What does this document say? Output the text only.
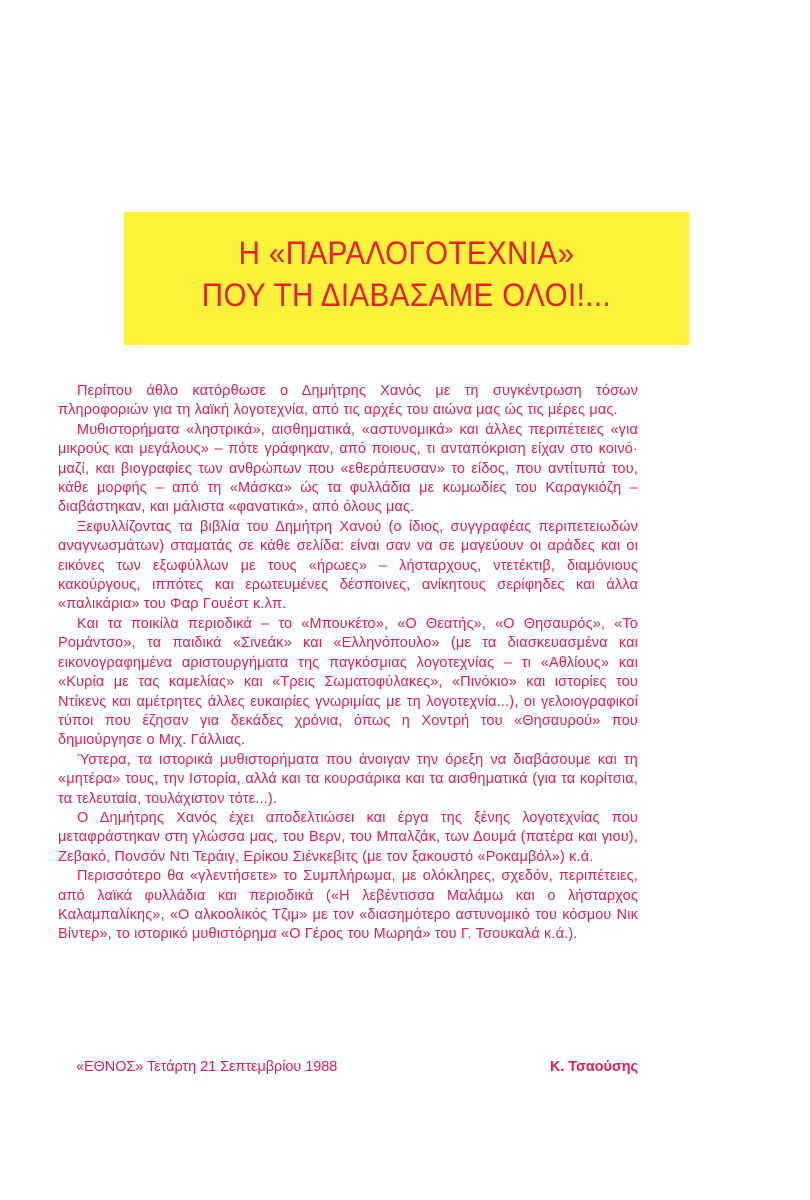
Η «ΠΑΡΑΛΟΓΟΤΕΧΝΙΑ»
ΠΟΥ ΤΗ ΔΙΑΒΑΣΑΜΕ ΟΛΟΙ!...

Περίπου άθλο κατόρθωσε ο Δημήτρης Χανός με τη συγκέντρωση τόσων πληροφοριών για τη λαϊκή λογοτεχνία, από τις αρχές του αιώνα μας ώς τις μέρες μας.

Μυθιστορήματα «ληστρικά», αισθηματικά, «αστυνομικά» και άλλες περιπέτειες «για μικρούς και μεγάλους» – πότε γράφηκαν, από ποιους, τι ανταπόκριση είχαν στο κοινό· μαζί, και βιογραφίες των ανθρώπων που «εθεράπευσαν» το είδος, που αντίτυπά του, κάθε μορφής – από τη «Μάσκα» ώς τα φυλλάδια με κωμωδίες του Καραγκιόζη – διαβάστηκαν, και μάλιστα «φανατικά», από όλους μας.

Ξεφυλλίζοντας τα βιβλία του Δημήτρη Χανού (ο ίδιος, συγγραφέας περιπετειωδών αναγνωσμάτων) σταματάς σε κάθε σελίδα: είναι σαν να σε μαγεύουν οι αράδες και οι εικόνες των εξωφύλλων με τους «ήρωες» – λήσταρχους, ντετέκτιβ, διαμόνιους κακούργους, ιππότες και ερωτευμένες δέσποινες, ανίκητους σερίφηδες και άλλα «παλικάρια» του Φαρ Γουέστ κ.λπ.

Και τα ποικίλα περιοδικά – το «Μπουκέτο», «Ο Θεατής», «Ο Θησαυρός», «Το Ρομάντσο», τα παιδικά «Σινεάκ» και «Ελληνόπουλο» (με τα διασκευασμένα και εικονογραφημένα αριστουργήματα της παγκόσμιας λογοτεχνίας – τι «Αθλίους» και «Κυρία με τας καμελίας» και «Τρεις Σωματοφύλακες», «Πινόκιο» και ιστορίες του Ντίκενς και αμέτρητες άλλες ευκαιρίες γνωριμίας με τη λογοτεχνία...), οι γελοιογραφικοί τύποι που έζησαν για δεκάδες χρόνια, όπως η Χοντρή του «Θησαυρού» που δημιούργησε ο Μιχ. Γάλλιας.

Ύστερα, τα ιστορικά μυθιστορήματα που άνοιγαν την όρεξη να διαβάσουμε και τη «μητέρα» τους, την Ιστορία, αλλά και τα κουρσάρικα και τα αισθηματικά (για τα κορίτσια, τα τελευταία, τουλάχιστον τότε...).

Ο Δημήτρης Χανός έχει αποδελτιώσει και έργα της ξένης λογοτεχνίας που μεταφράστηκαν στη γλώσσα μας, του Βερν, του Μπαλζάκ, των Δουμά (πατέρα και γιου), Ζεβακό, Πονσόν Ντι Τεράιγ, Ερίκου Σιένκεβιτς (με τον ξακουστό «Ροκαμβόλ») κ.ά.

Περισσότερο θα «γλεντήσετε» το Συμπλήρωμα, με ολόκληρες, σχεδόν, περιπέτειες, από λαϊκά φυλλάδια και περιοδικά («Η λεβέντισσα Μαλάμω και ο λήσταρχος Καλαμπαλίκης», «Ο αλκοολικός Τζιμ» με τον «διασημότερο αστυνομικό του κόσμου Νικ Βίντερ», το ιστορικό μυθιστόρημα «Ο Γέρος του Μωρηά» του Γ. Τσουκαλά κ.ά.).

«ΕΘΝΟΣ» Τετάρτη 21 Σεπτεμβρίου 1988	Κ. Τσαούσης
